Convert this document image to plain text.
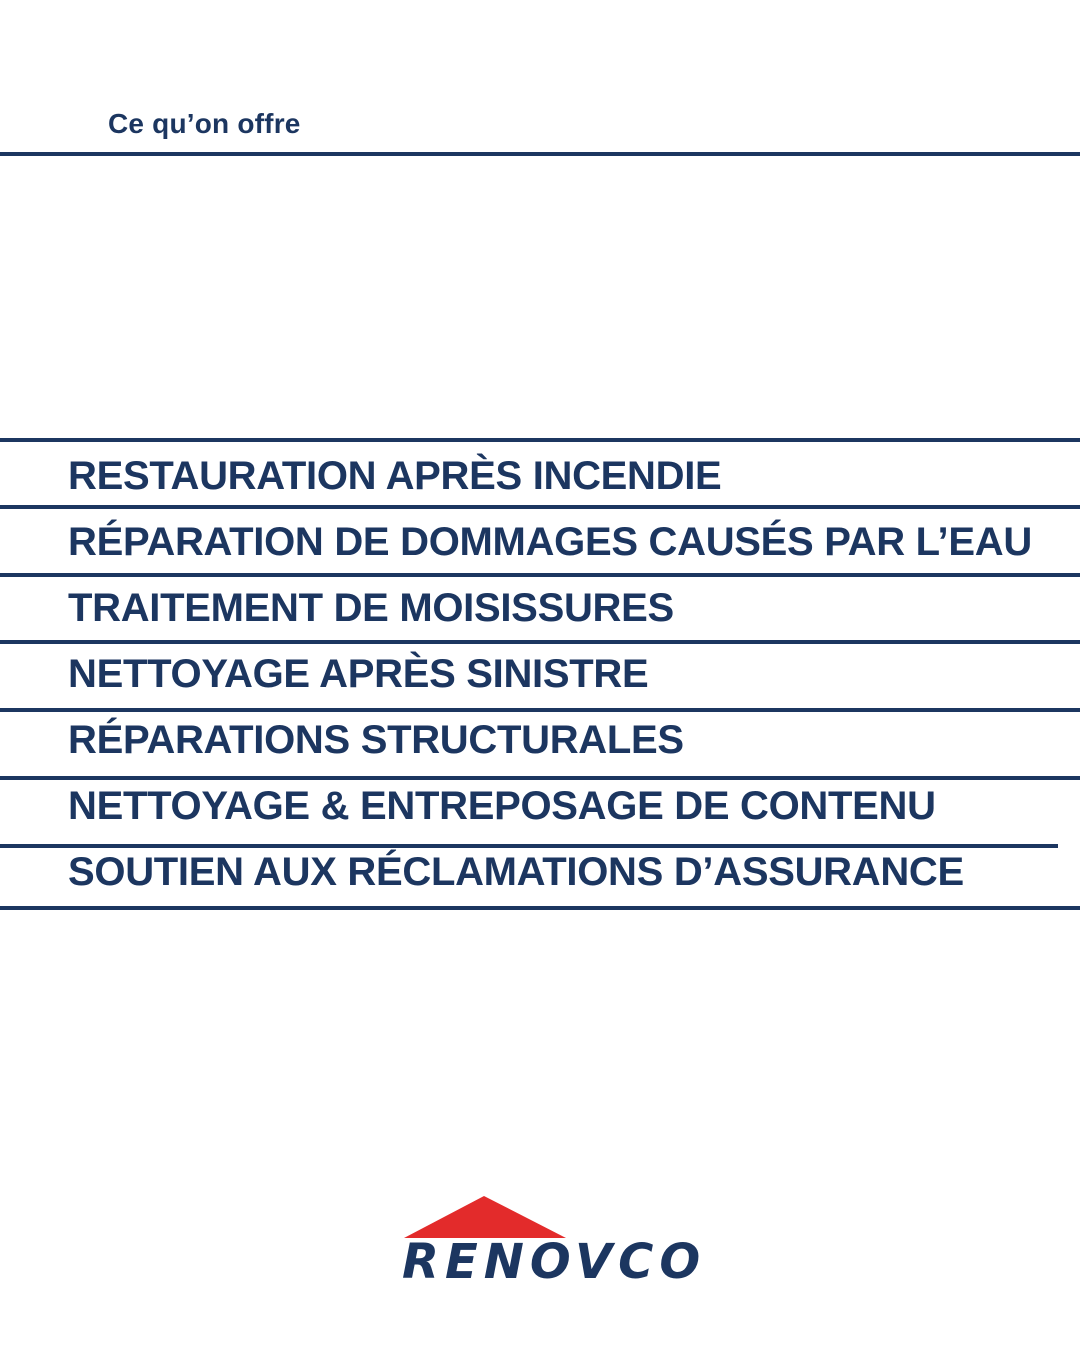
Ce qu’on offre
RESTAURATION APRÈS INCENDIE
RÉPARATION DE DOMMAGES CAUSÉS PAR L’EAU
TRAITEMENT DE MOISISSURES
NETTOYAGE APRÈS SINISTRE
RÉPARATIONS STRUCTURALES
NETTOYAGE & ENTREPOSAGE DE CONTENU
SOUTIEN AUX RÉCLAMATIONS D’ASSURANCE
RENOVCO
